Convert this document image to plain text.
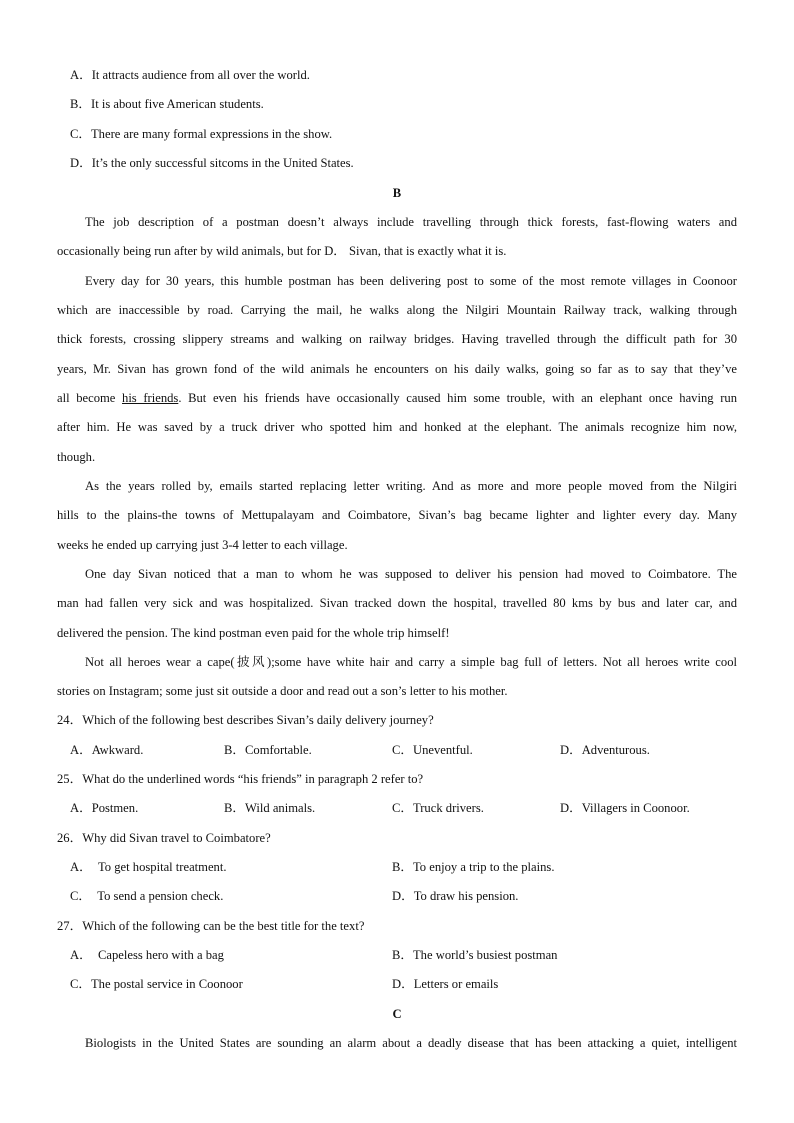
A．It attracts audience from all over the world.
B．It is about five American students.
C．There are many formal expressions in the show.
D．It’s the only successful sitcoms in the United States.
B
The job description of a postman doesn’t always include travelling through thick forests, fast-flowing waters and
occasionally being run after by wild animals, but for D． Sivan, that is exactly what it is.
Every day for 30 years, this humble postman has been delivering post to some of the most remote villages in Coonoor
which are inaccessible by road. Carrying the mail, he walks along the Nilgiri Mountain Railway track, walking through
thick forests, crossing slippery streams and walking on railway bridges. Having travelled through the difficult path for 30
years, Mr. Sivan has grown fond of the wild animals he encounters on his daily walks, going so far as to say that they’ve
all become his friends. But even his friends have occasionally caused him some trouble, with an elephant once having run
after him. He was saved by a truck driver who spotted him and honked at the elephant. The animals recognize him now,
though.
As the years rolled by, emails started replacing letter writing. And as more and more people moved from the Nilgiri
hills to the plains-the towns of Mettupalayam and Coimbatore, Sivan’s bag became lighter and lighter every day. Many
weeks he ended up carrying just 3-4 letter to each village.
One day Sivan noticed that a man to whom he was supposed to deliver his pension had moved to Coimbatore. The
man had fallen very sick and was hospitalized. Sivan tracked down the hospital, travelled 80 kms by bus and later car, and
delivered the pension. The kind postman even paid for the whole trip himself!
Not all heroes wear a cape(披风);some have white hair and carry a simple bag full of letters. Not all heroes write cool
stories on Instagram; some just sit outside a door and read out a son’s letter to his mother.
24．Which of the following best describes Sivan’s daily delivery journey?
A．Awkward.	B．Comfortable.	C．Uneventful.	D．Adventurous.
25．What do the underlined words “his friends” in paragraph 2 refer to?
A．Postmen.	B．Wild animals.	C．Truck drivers.	D．Villagers in Coonoor.
26．Why did Sivan travel to Coimbatore?
A．　To get hospital treatment.	B．To enjoy a trip to the plains.
C．　To send a pension check.	D．To draw his pension.
27．Which of the following can be the best title for the text?
A．　Capeless hero with a bag	B．The world’s busiest postman
C．The postal service in Coonoor	D．Letters or emails
C
Biologists in the United States are sounding an alarm about a deadly disease that has been attacking a quiet, intelligent
